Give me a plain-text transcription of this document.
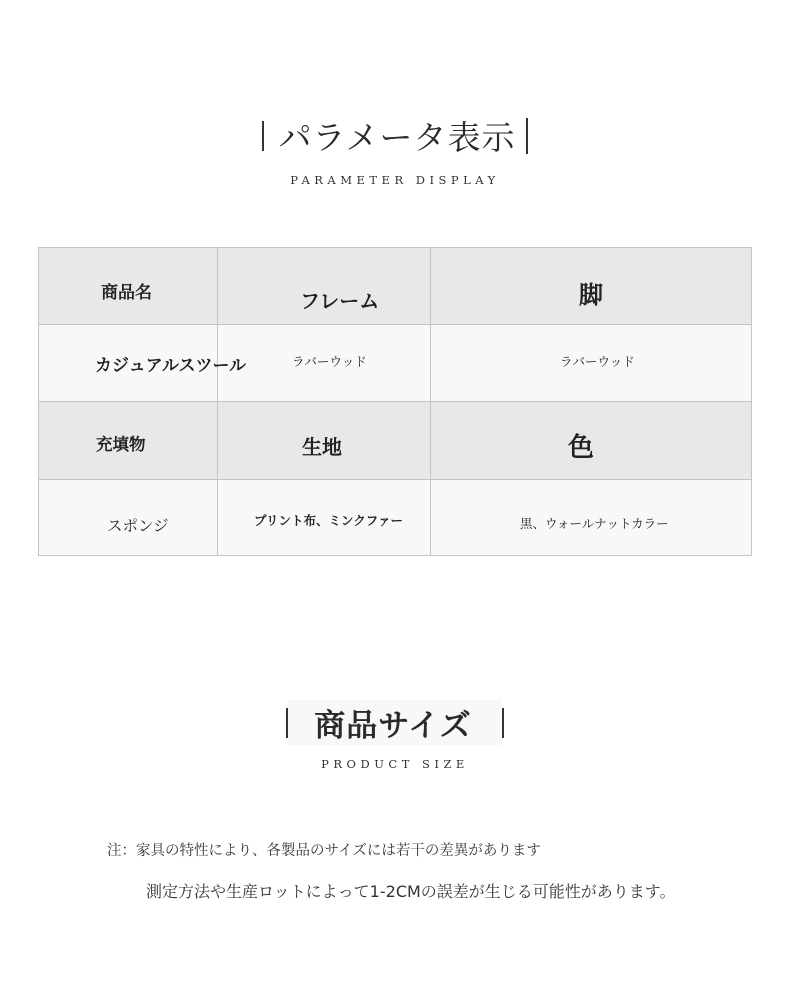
パラメータ表示
PARAMETER DISPLAY
商品名	フレーム	脚
カジュアルスツール	ラバーウッド	ラバーウッド
充填物	生地	色
スポンジ	プリント布、ミンクファー	黒、ウォールナットカラー
商品サイズ
PRODUCT SIZE
注：家具の特性により、各製品のサイズには若干の差異があります
測定方法や生産ロットによって1-2CMの誤差が生じる可能性があります。
